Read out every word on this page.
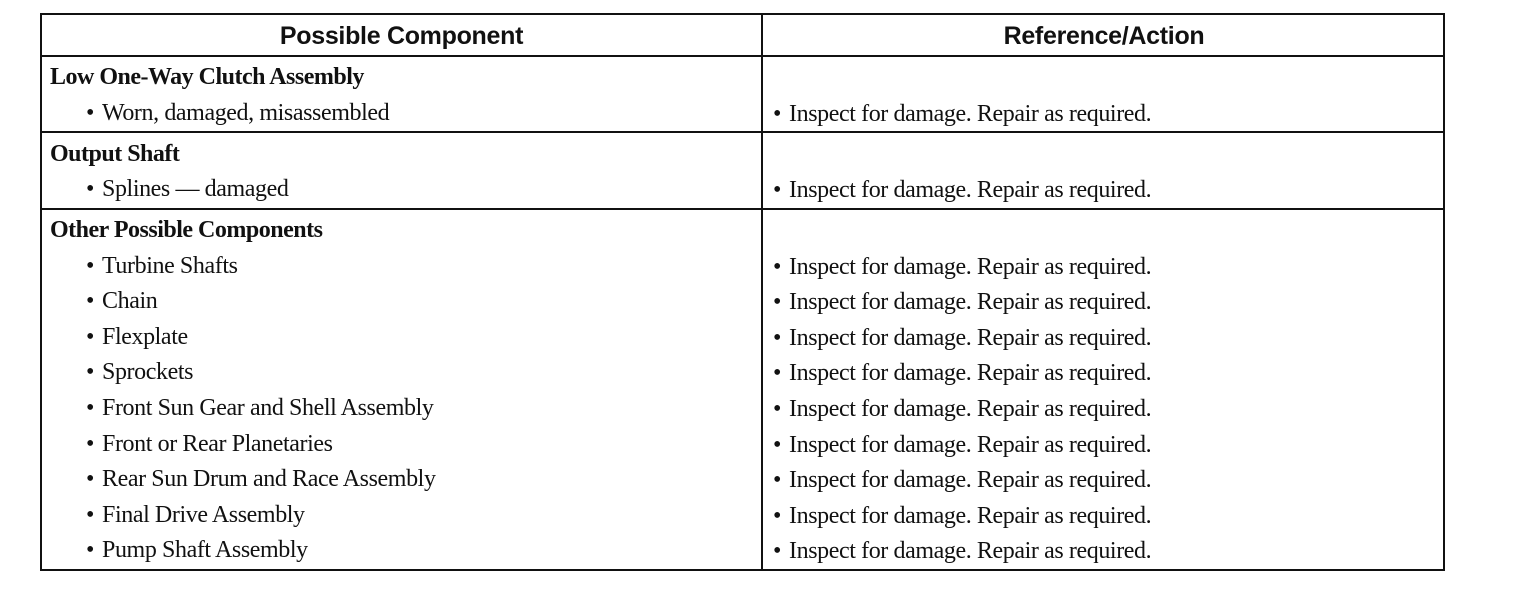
Possible Component	Reference/Action
Low One-Way Clutch Assembly
• Worn, damaged, misassembled	• Inspect for damage. Repair as required.
Output Shaft
• Splines — damaged	• Inspect for damage. Repair as required.
Other Possible Components
• Turbine Shafts	• Inspect for damage. Repair as required.
• Chain	• Inspect for damage. Repair as required.
• Flexplate	• Inspect for damage. Repair as required.
• Sprockets	• Inspect for damage. Repair as required.
• Front Sun Gear and Shell Assembly	• Inspect for damage. Repair as required.
• Front or Rear Planetaries	• Inspect for damage. Repair as required.
• Rear Sun Drum and Race Assembly	• Inspect for damage. Repair as required.
• Final Drive Assembly	• Inspect for damage. Repair as required.
• Pump Shaft Assembly	• Inspect for damage. Repair as required.
